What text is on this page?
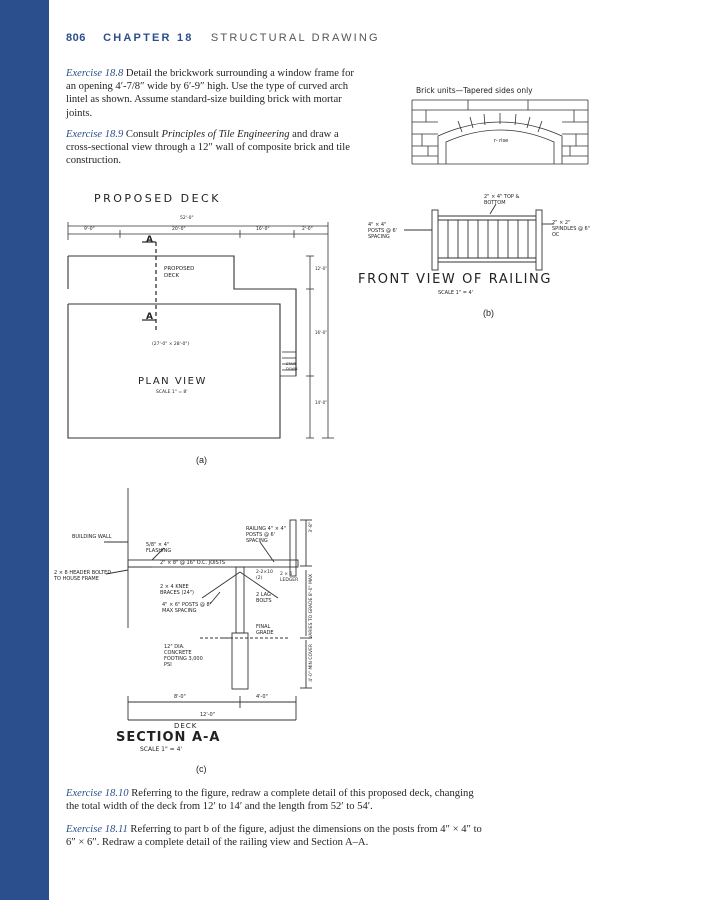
806 CHAPTER 18 STRUCTURAL DRAWING

Exercise 18.8 Detail the brickwork surrounding a window frame for an opening 4′-7/8″ wide by 6′-9″ high. Use the type of curved arch lintel as shown. Assume standard-size building brick with mortar joints.

Exercise 18.9 Consult Principles of Tile Engineering and draw a cross-sectional view through a 12″ wall of composite brick and tile construction.

Brick units—Tapered sides only
r- rise
PROPOSED DECK
52'-0"
9'-0"	20'-0"	16'-0"	2'-0"
A
A
PROPOSED DECK
(27'-0" × 28'-0")
PLAN VIEW
SCALE 1" = 8'
12'-0"
16'-0"
14'-0"
STAIR DOWN
(a)
2" × 4" TOP & BOTTOM
4" × 4" POSTS @ 6' SPACING
2" × 2" SPINDLES @ 6" OC
FRONT VIEW OF RAILING
SCALE 1" = 4'
(b)
BUILDING WALL
5/8" × 4" FLASHING
2 × 8 HEADER BOLTED TO HOUSE FRAME
2" × 8" @ 16" O.C. JOISTS
RAILING 4" × 4" POSTS @ 6' SPACING
2-2×10 (2)
2 × 4 KNEE BRACES (24")	2 LAG BOLTS
2 × 6 LEDGER
4" × 6" POSTS @ 8' MAX SPACING
FINAL GRADE
12" DIA. CONCRETE FOOTING 3,000 PSI
3'-8"
VARIES TO GRADE 8'-0" MAX
4'-0" MIN COVER
8'-0"	4'-0"
12'-0"
DECK
SECTION A-A
SCALE 1" = 4'
(c)

Exercise 18.10 Referring to the figure, redraw a complete detail of this proposed deck, changing the total width of the deck from 12′ to 14′ and the length from 52′ to 54′.

Exercise 18.11 Referring to part b of the figure, adjust the dimensions on the posts from 4″ × 4″ to 6″ × 6″. Redraw a complete detail of the railing view and Section A–A.
